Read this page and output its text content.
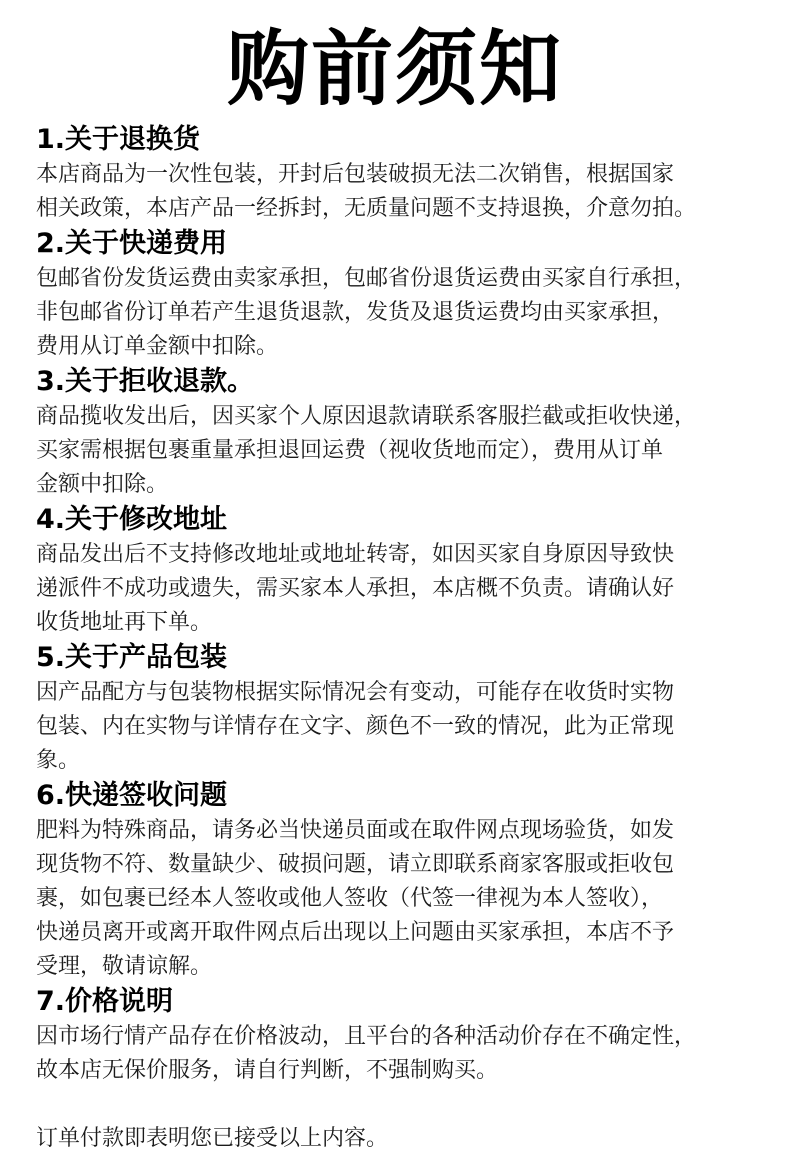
购前须知
1.关于退换货
本店商品为一次性包装，开封后包装破损无法二次销售，根据国家
相关政策，本店产品一经拆封，无质量问题不支持退换，介意勿拍。
2.关于快递费用
包邮省份发货运费由卖家承担，包邮省份退货运费由买家自行承担，
非包邮省份订单若产生退货退款，发货及退货运费均由买家承担，
费用从订单金额中扣除。
3.关于拒收退款。
商品揽收发出后，因买家个人原因退款请联系客服拦截或拒收快递，
买家需根据包裹重量承担退回运费（视收货地而定），费用从订单
金额中扣除。
4.关于修改地址
商品发出后不支持修改地址或地址转寄，如因买家自身原因导致快
递派件不成功或遗失，需买家本人承担，本店概不负责。请确认好
收货地址再下单。
5.关于产品包装
因产品配方与包装物根据实际情况会有变动，可能存在收货时实物
包装、内在实物与详情存在文字、颜色不一致的情况，此为正常现
象。
6.快递签收问题
肥料为特殊商品，请务必当快递员面或在取件网点现场验货，如发
现货物不符、数量缺少、破损问题，请立即联系商家客服或拒收包
裹，如包裹已经本人签收或他人签收（代签一律视为本人签收），
快递员离开或离开取件网点后出现以上问题由买家承担，本店不予
受理，敬请谅解。
7.价格说明
因市场行情产品存在价格波动，且平台的各种活动价存在不确定性，
故本店无保价服务，请自行判断，不强制购买。
订单付款即表明您已接受以上内容。
